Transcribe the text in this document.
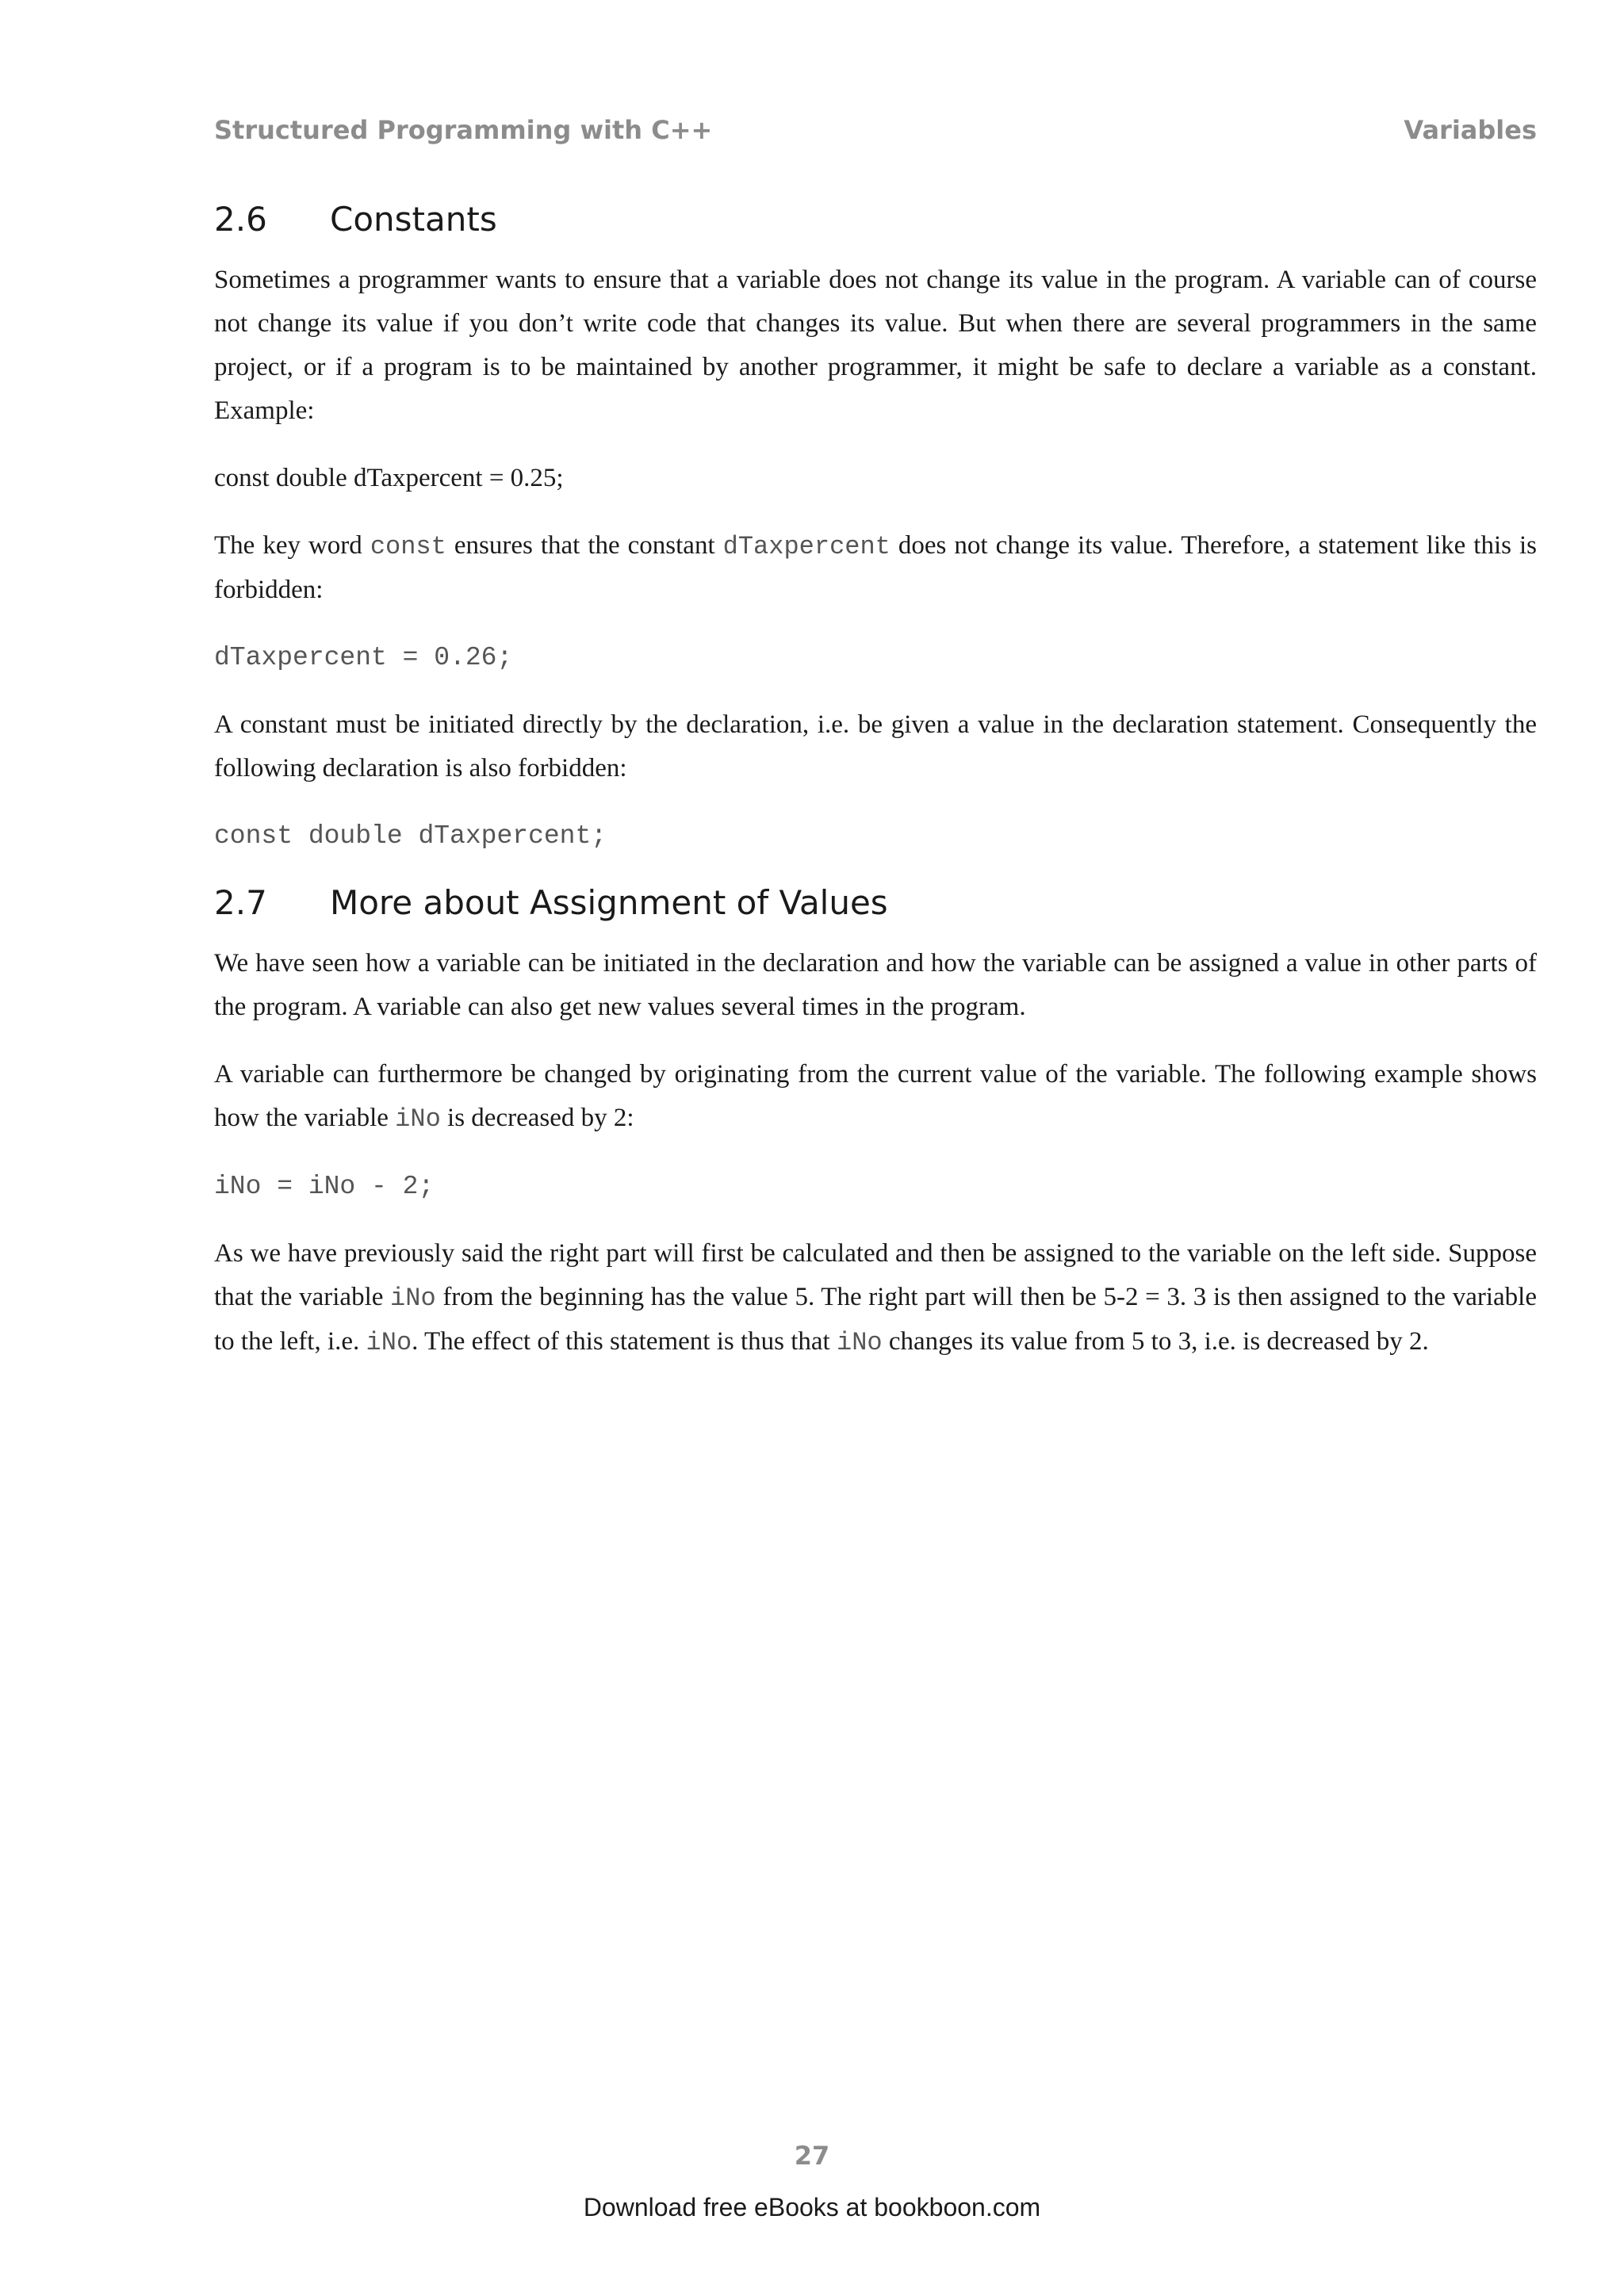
Structured Programming with C++	Variables
2.6	Constants

Sometimes a programmer wants to ensure that a variable does not change its value in the program. A variable can of course not change its value if you don’t write code that changes its value. But when there are several programmers in the same project, or if a program is to be maintained by another programmer, it might be safe to declare a variable as a constant. Example:

const double dTaxpercent = 0.25;

The key word const ensures that the constant dTaxpercent does not change its value. Therefore, a statement like this is forbidden:

dTaxpercent = 0.26;

A constant must be initiated directly by the declaration, i.e. be given a value in the declaration statement. Consequently the following declaration is also forbidden:

const double dTaxpercent;

2.7	More about Assignment of Values

We have seen how a variable can be initiated in the declaration and how the variable can be assigned a value in other parts of the program. A variable can also get new values several times in the program.

A variable can furthermore be changed by originating from the current value of the variable. The following example shows how the variable iNo is decreased by 2:

iNo = iNo - 2;

As we have previously said the right part will first be calculated and then be assigned to the variable on the left side. Suppose that the variable iNo from the beginning has the value 5. The right part will then be 5-2 = 3. 3 is then assigned to the variable to the left, i.e. iNo. The effect of this statement is thus that iNo changes its value from 5 to 3, i.e. is decreased by 2.

27
Download free eBooks at bookboon.com
